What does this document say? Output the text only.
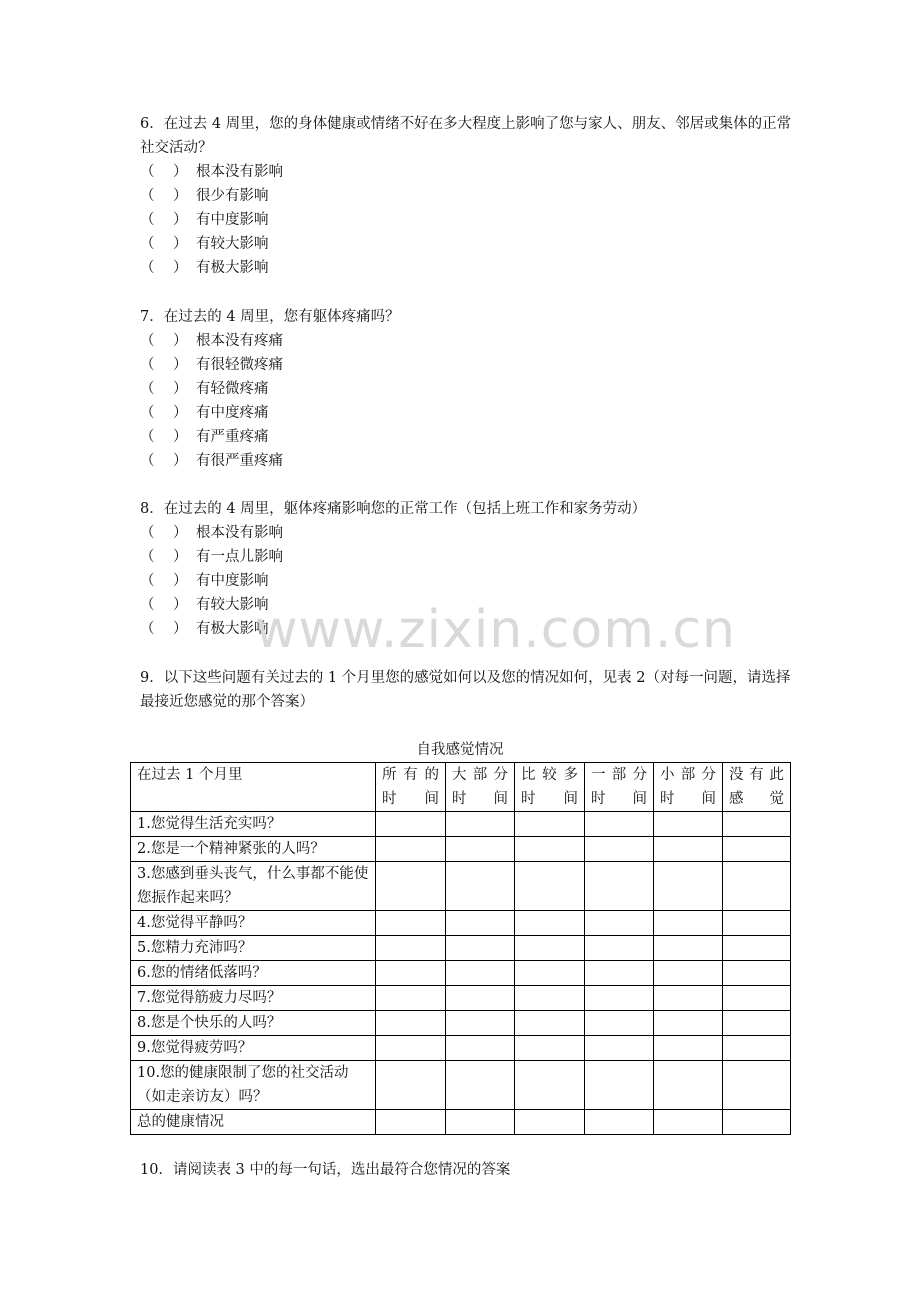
6．在过去 4 周里，您的身体健康或情绪不好在多大程度上影响了您与家人、朋友、邻居或集体的正常社交活动？

（ ） 根本没有影响
（ ） 很少有影响
（ ） 有中度影响
（ ） 有较大影响
（ ） 有极大影响

7．在过去的 4 周里，您有躯体疼痛吗？

（ ） 根本没有疼痛
（ ） 有很轻微疼痛
（ ） 有轻微疼痛
（ ） 有中度疼痛
（ ） 有严重疼痛
（ ） 有很严重疼痛

8．在过去的 4 周里，躯体疼痛影响您的正常工作（包括上班工作和家务劳动）

（ ） 根本没有影响
（ ） 有一点儿影响
（ ） 有中度影响
（ ） 有较大影响
（ ） 有极大影响
www.zixin.com.cn

9．以下这些问题有关过去的 1 个月里您的感觉如何以及您的情况如何，见表 2（对每一问题，请选择最接近您感觉的那个答案）

自我感觉情况
在过去 1 个月里	所有的时间	大部分时间	比较多时间	一部分时间	小部分时间	没有此感觉
1.您觉得生活充实吗？						
2.您是一个精神紧张的人吗？						
3.您感到垂头丧气，什么事都不能使您振作起来吗？						
4.您觉得平静吗？						
5.您精力充沛吗？						
6.您的情绪低落吗？						
7.您觉得筋疲力尽吗？						
8.您是个快乐的人吗？						
9.您觉得疲劳吗？						
10.您的健康限制了您的社交活动（如走亲访友）吗？						
总的健康情况						
10．请阅读表 3 中的每一句话，选出最符合您情况的答案
